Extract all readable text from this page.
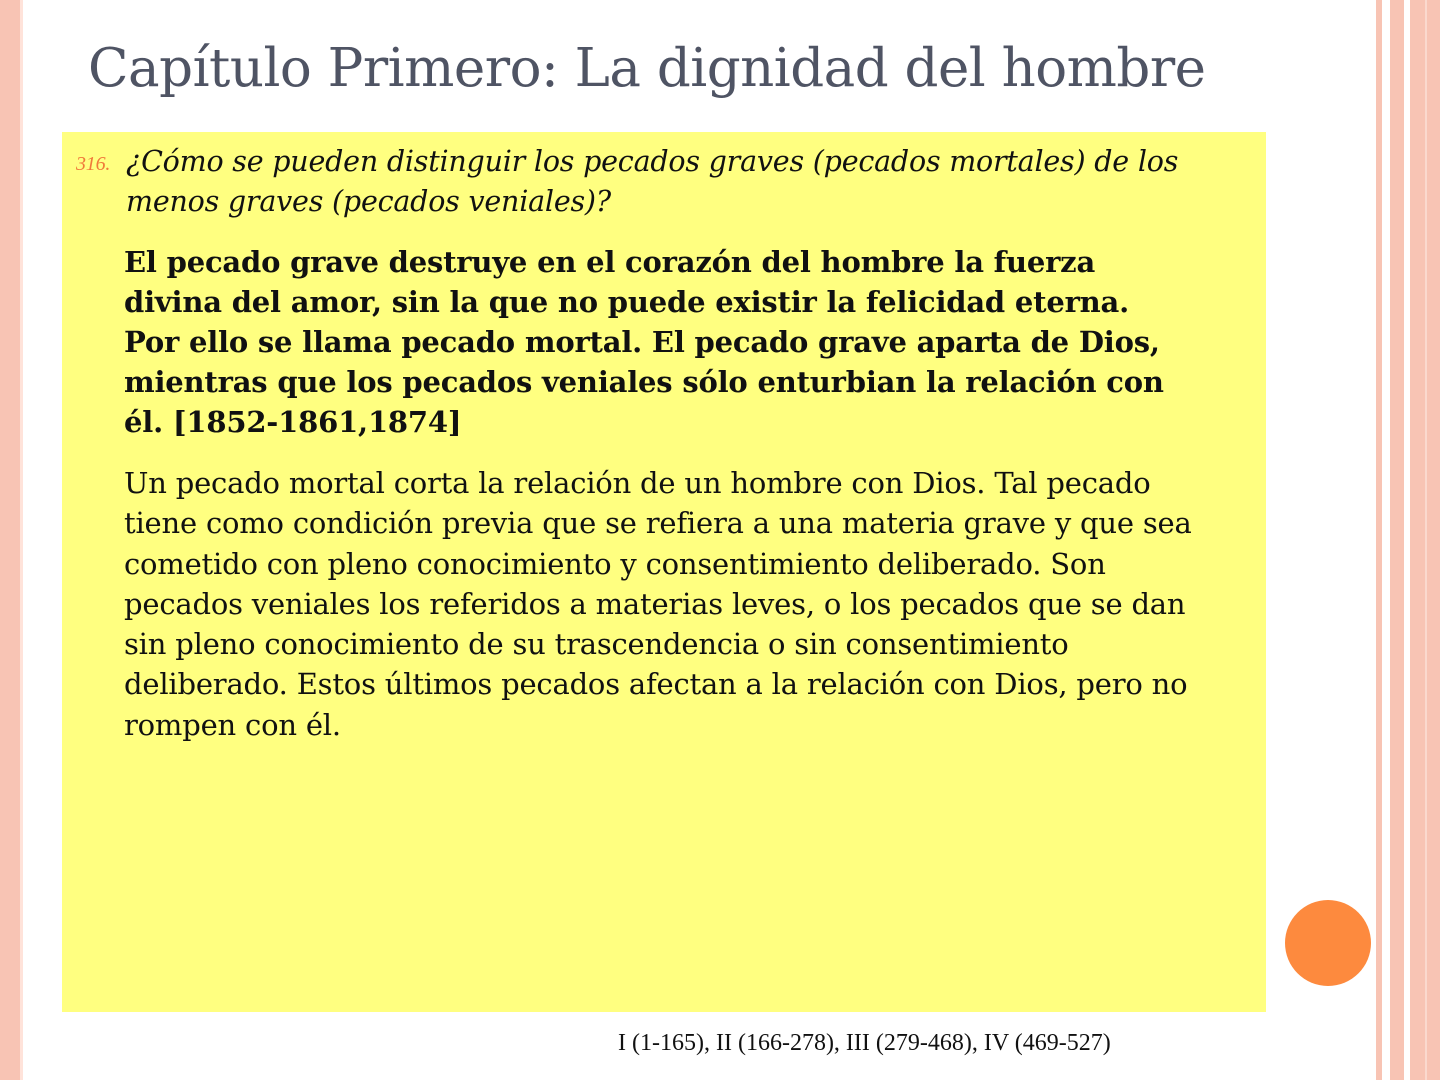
Capítulo Primero: La dignidad del hombre
316. ¿Cómo se pueden distinguir los pecados graves (pecados mortales) de los
menos graves (pecados veniales)?
El pecado grave destruye en el corazón del hombre la fuerza
divina del amor, sin la que no puede existir la felicidad eterna.
Por ello se llama pecado mortal. El pecado grave aparta de Dios,
mientras que los pecados veniales sólo enturbian la relación con
él. [1852-1861,1874]
Un pecado mortal corta la relación de un hombre con Dios. Tal pecado
tiene como condición previa que se refiera a una materia grave y que sea
cometido con pleno conocimiento y consentimiento deliberado. Son
pecados veniales los referidos a materias leves, o los pecados que se dan
sin pleno conocimiento de su trascendencia o sin consentimiento
deliberado. Estos últimos pecados afectan a la relación con Dios, pero no
rompen con él.
I (1-165), II (166-278), III (279-468), IV (469-527)
